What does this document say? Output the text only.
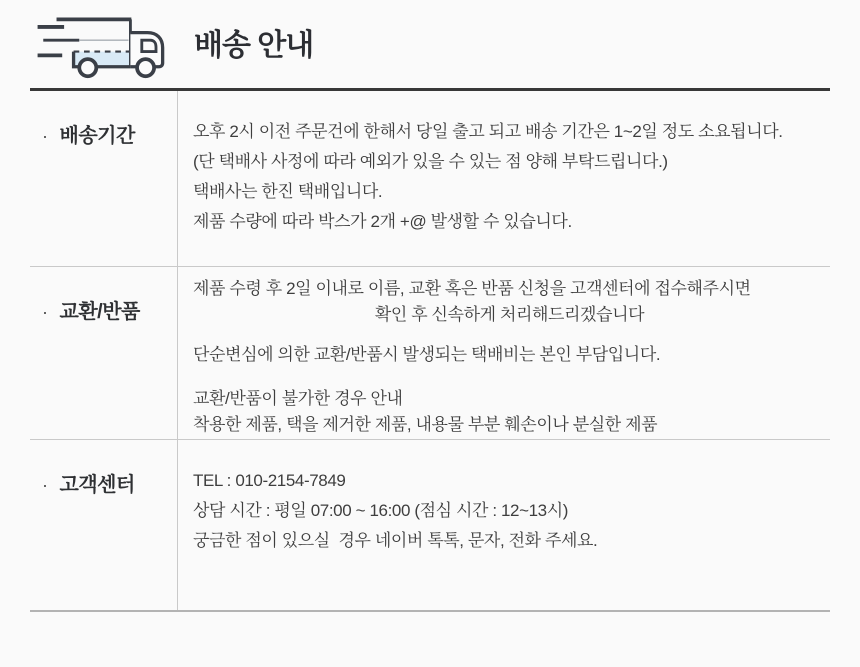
배송 안내
· 배송기간	오후 2시 이전 주문건에 한해서 당일 출고 되고 배송 기간은 1~2일 정도 소요됩니다.
(단 택배사 사정에 따라 예외가 있을 수 있는 점 양해 부탁드립니다.)
택배사는 한진 택배입니다.
제품 수량에 따라 박스가 2개 +@ 발생할 수 있습니다.
· 교환/반품
제품 수령 후 2일 이내로 이름, 교환 혹은 반품 신청을 고객센터에 접수해주시면
확인 후 신속하게 처리해드리겠습니다
단순변심에 의한 교환/반품시 발생되는 택배비는 본인 부담입니다.
교환/반품이 불가한 경우 안내
착용한 제품, 택을 제거한 제품, 내용물 부분 훼손이나 분실한 제품
· 고객센터	TEL : 010-2154-7849
상담 시간 : 평일 07:00 ~ 16:00 (점심 시간 : 12~13시)
궁금한 점이 있으실  경우 네이버 톡톡, 문자, 전화 주세요.
